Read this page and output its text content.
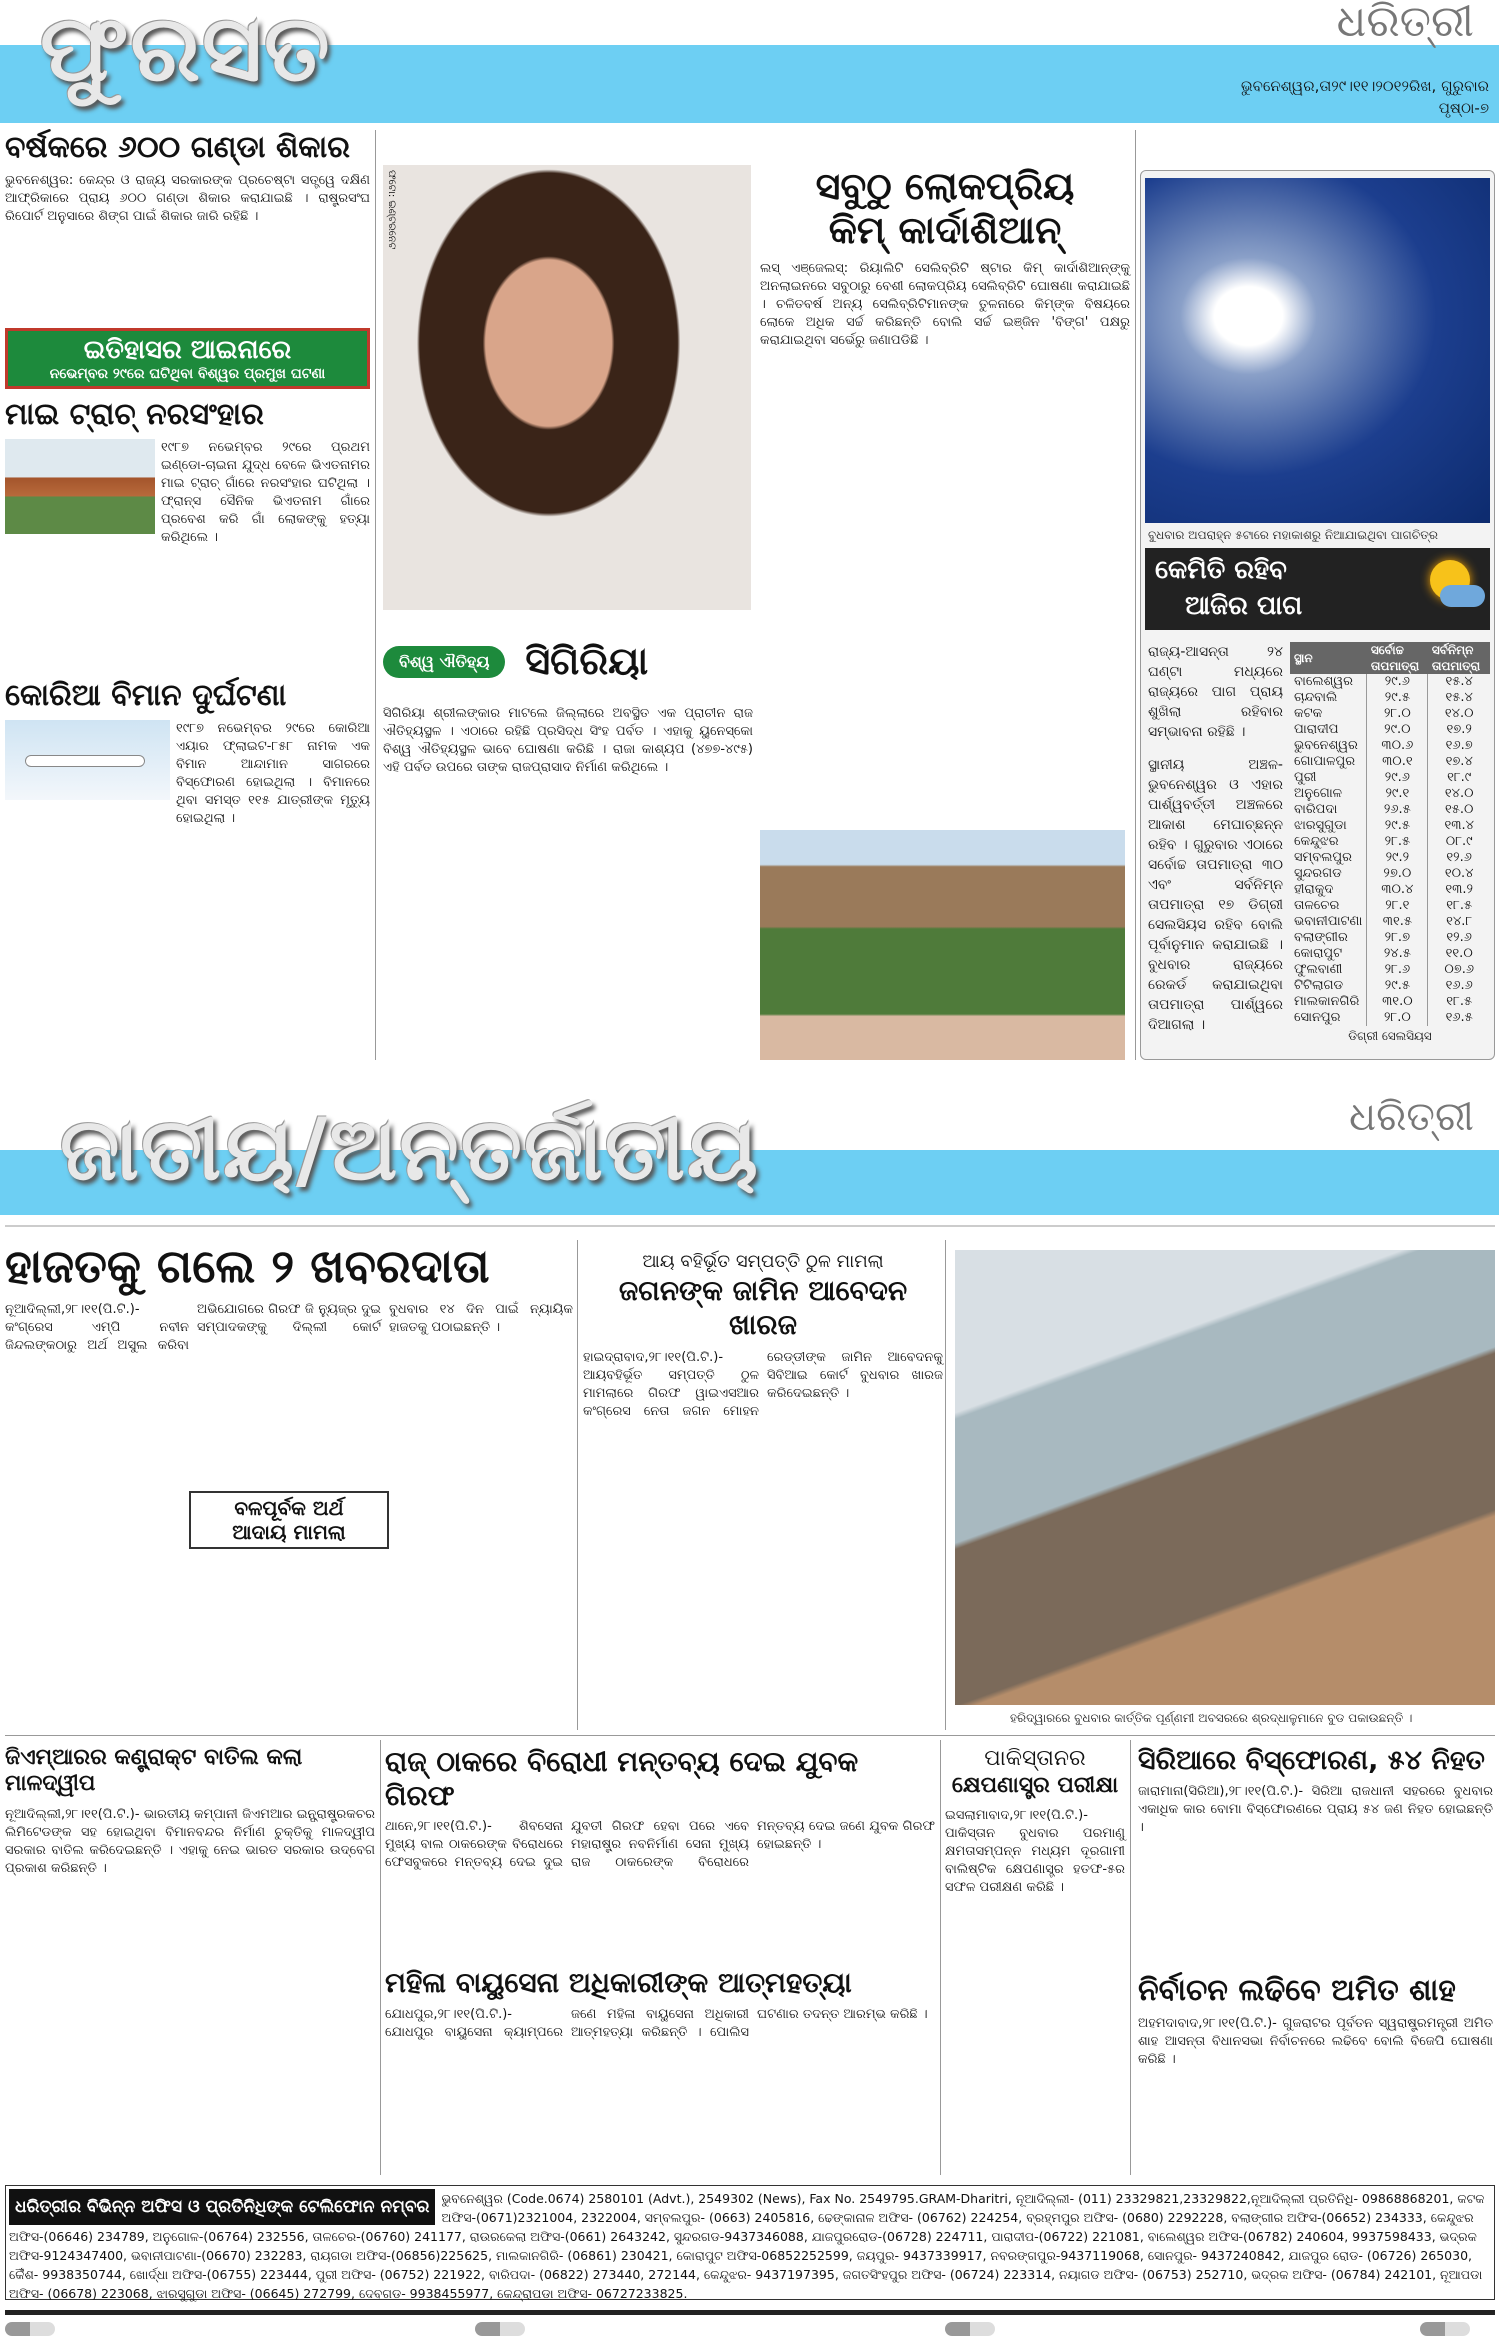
ଫୁରସତ	ଧରିତ୍ରୀ
ଭୁବନେଶ୍ୱର,ତା୨୯।୧୧।୨୦୧୨ରିଖ, ଗୁରୁବାର
ପୃଷ୍ଠା-୭
ବର୍ଷକରେ ୬୦୦ ଗଣ୍ଡା ଶିକାର
ଭୁବନେଶ୍ୱର: କେନ୍ଦ୍ର ଓ ରାଜ୍ୟ ସରକାରଙ୍କ ପ୍ରଚେଷ୍ଟା ସତ୍ତ୍ୱେ ଦକ୍ଷିଣ ଆଫ୍ରିକାରେ ପ୍ରାୟ ୬୦୦ ଗଣ୍ଡା ଶିକାର କରାଯାଇଛି । ରାଷ୍ଟ୍ରସଂଘ ରିପୋର୍ଟ ଅନୁସାରେ ଶିଙ୍ଗ ପାଇଁ ଶିକାର ଜାରି ରହିଛି ।
ଇତିହାସର ଆଇନାରେ
ନଭେମ୍ବର ୨୯ରେ ଘଟିଥିବା ବିଶ୍ୱର ପ୍ରମୁଖ ଘଟଣା
ମାଇ ଟ୍ରାଚ୍ ନରସଂହାର
୧୯୮୭ ନଭେମ୍ବର ୨୯ରେ ପ୍ରଥମ ଇଣ୍ଡୋ-ଚାଇନା ଯୁଦ୍ଧ ବେଳେ ଭିଏତନାମର ମାଇ ଟ୍ରାଚ୍ ଗାଁରେ ନରସଂହାର ଘଟିଥିଲା । ଫ୍ରାନ୍ସ ସୈନିକ ଭିଏତନାମ ଗାଁରେ ପ୍ରବେଶ କରି ଗାଁ ଲୋକଙ୍କୁ ହତ୍ୟା କରିଥିଲେ ।
କୋରିଆ ବିମାନ ଦୁର୍ଘଟଣା
୧୯୮୭ ନଭେମ୍ବର ୨୯ରେ କୋରିଆ ଏୟାର ଫ୍ଲାଇଟ-୮୫୮ ନାମକ ଏକ ବିମାନ ଆନ୍ଦାମାନ ସାଗରରେ ବିସ୍ଫୋରଣ ହୋଇଥିଲା । ବିମାନରେ ଥିବା ସମସ୍ତ ୧୧୫ ଯାତ୍ରୀଙ୍କ ମୃତ୍ୟୁ ହୋଇଥିଲା ।
ଫଟୋ: ଇଣ୍ଟରନେଟ	ସବୁଠୁ ଲୋକପ୍ରିୟ
କିମ୍ କାର୍ଦାଶିଆନ୍
ଲସ୍ ଏଞ୍ଜେଲସ୍: ରିୟାଲିଟି ସେଲିବ୍ରିଟି ଷ୍ଟାର କିମ୍ କାର୍ଦାଶିଆନ୍ଙ୍କୁ ଅନଲାଇନରେ ସବୁଠାରୁ ବେଶୀ ଲୋକପ୍ରିୟ ସେଲିବ୍ରିଟି ଘୋଷଣା କରାଯାଇଛି । ଚଳିତବର୍ଷ ଅନ୍ୟ ସେଲିବ୍ରିଟିମାନଙ୍କ ତୁଳନାରେ କିମ୍ଙ୍କ ବିଷୟରେ ଲୋକେ ଅଧିକ ସର୍ଚ୍ଚ କରିଛନ୍ତି ବୋଲି ସର୍ଚ୍ଚ ଇଞ୍ଜିନ 'ବିଙ୍ଗ' ପକ୍ଷରୁ କରାଯାଇଥିବା ସର୍ଭେରୁ ଜଣାପଡିଛି ।
ବିଶ୍ୱ ଐତିହ୍ୟ ସିଗିରିୟା
ସିଗିରିୟା ଶ୍ରୀଲଙ୍କାର ମାଟଲେ ଜିଲ୍ଲାରେ ଅବସ୍ଥିତ ଏକ ପ୍ରାଚୀନ ରାଜ ଐତିହ୍ୟସ୍ଥଳ । ଏଠାରେ ରହିଛି ପ୍ରସିଦ୍ଧ ସିଂହ ପର୍ବତ । ଏହାକୁ ୟୁନେସ୍କୋ ବିଶ୍ୱ ଐତିହ୍ୟସ୍ଥଳ ଭାବେ ଘୋଷଣା କରିଛି । ରାଜା କାଶ୍ୟପ (୪୭୭-୪୯୫) ଏହି ପର୍ବତ ଉପରେ ତାଙ୍କ ରାଜପ୍ରାସାଦ ନିର୍ମାଣ କରିଥିଲେ ।
ବୁଧବାର ଅପରାହ୍ନ ୫ଟାରେ ମହାକାଶରୁ ନିଆଯାଇଥିବା ପାଗଚିତ୍ର
କେମିତି ରହିବ
ଆଜିର ପାଗ
ରାଜ୍ୟ-ଆସନ୍ତା ୨୪ ଘଣ୍ଟା ମଧ୍ୟରେ ରାଜ୍ୟରେ ପାଗ ପ୍ରାୟ ଶୁଖିଲା ରହିବାର ସମ୍ଭାବନା ରହିଛି ।
ସ୍ଥାନୀୟ ଅଞ୍ଚଳ- ଭୁବନେଶ୍ୱର ଓ ଏହାର ପାର୍ଶ୍ୱବର୍ତ୍ତୀ ଅଞ୍ଚଳରେ ଆକାଶ ମେଘାଚ୍ଛନ୍ନ ରହିବ । ଗୁରୁବାର ଏଠାରେ ସର୍ବୋଚ୍ଚ ତାପମାତ୍ରା ୩୦ ଏବଂ ସର୍ବନିମ୍ନ ତାପମାତ୍ରା ୧୭ ଡିଗ୍ରୀ ସେଲସିୟସ ରହିବ ବୋଲି ପୂର୍ବାନୁମାନ କରାଯାଇଛି । ବୁଧବାର ରାଜ୍ୟରେ ରେକର୍ଡ କରାଯାଇଥିବା ତାପମାତ୍ରା ପାର୍ଶ୍ୱରେ ଦିଆଗଲା ।
ସ୍ଥାନ	ସର୍ବୋଚ୍ଚ ତାପମାତ୍ରା	ସର୍ବନିମ୍ନ ତାପମାତ୍ରା
ବାଲେଶ୍ୱର	୨୯.୬	୧୫.୪
ଚାନ୍ଦବାଲି	୨୯.୫	୧୫.୪
କଟକ	୨୮.୦	୧୪.୦
ପାରାଦୀପ	୨୯.୦	୧୭.୨
ଭୁବନେଶ୍ୱର	୩୦.୬	୧୬.୭
ଗୋପାଳପୁର	୩୦.୧	୧୭.୪
ପୁରୀ	୨୯.୬	୧୮.୯
ଅନୁଗୋଳ	୨୯.୧	୧୪.୦
ବାରିପଦା	୨୬.୫	୧୫.୦
ଝାରସୁଗୁଡା	୨୯.୫	୧୩.୪
କେନ୍ଦୁଝର	୨୮.୫	୦୮.୯
ସମ୍ବଲପୁର	୨୯.୨	୧୨.୬
ସୁନ୍ଦରଗଡ	୨୭.୦	୧୦.୪
ହୀରାକୁଦ	୩୦.୪	୧୩.୨
ତାଳଚେର	୨୮.୧	୧୮.୫
ଭବାନୀପାଟଣା	୩୧.୫	୧୪.୮
ବଲାଙ୍ଗୀର	୨୮.୭	୧୨.୬
କୋରାପୁଟ	୨୪.୫	୧୧.୦
ଫୁଲବାଣୀ	୨୮.୬	୦୭.୬
ଟିଟିଲାଗଡ	୨୯.୫	୧୬.୬
ମାଲକାନଗିରି	୩୧.୦	୧୮.୫
ସୋନପୁର	୨୮.୦	୧୬.୫
ଡିଗ୍ରୀ ସେଲସିୟସ
ଧରିତ୍ରୀ
ଜାତୀୟ/ଅନ୍ତର୍ଜାତୀୟ
ହାଜତକୁ ଗଲେ ୨ ଖବରଦାତା
ନୂଆଦିଲ୍ଲୀ,୨୮।୧୧(ପି.ଟି.)- କଂଗ୍ରେସ ଏମ୍ପି ନବୀନ ଜିନ୍ଦଲଙ୍କଠାରୁ ଅର୍ଥ ଅସୁଲ କରିବା ଅଭିଯୋଗରେ ଗିରଫ ଜି ନ୍ୟୁଜ୍ର ଦୁଇ ସମ୍ପାଦକଙ୍କୁ ଦିଲ୍ଲୀ କୋର୍ଟ ବୁଧବାର ୧୪ ଦିନ ପାଇଁ ନ୍ୟାୟିକ ହାଜତକୁ ପଠାଇଛନ୍ତି ।
ବଳପୂର୍ବକ ଅର୍ଥ
ଆଦାୟ ମାମଲା
ଆୟ ବହିର୍ଭୂତ ସମ୍ପତ୍ତି ଠୁଳ ମାମଲା
ଜଗନଙ୍କ ଜାମିନ ଆବେଦନ ଖାରଜ
ହାଇଦ୍ରାବାଦ,୨୮।୧୧(ପି.ଟି.)- ଆୟବହିର୍ଭୂତ ସମ୍ପତ୍ତି ଠୁଳ ମାମଲାରେ ଗିରଫ ୱାଇଏସଆର କଂଗ୍ରେସ ନେତା ଜଗନ ମୋହନ ରେଡ୍ଡୀଙ୍କ ଜାମିନ ଆବେଦନକୁ ସିବିଆଇ କୋର୍ଟ ବୁଧବାର ଖାରଜ କରିଦେଇଛନ୍ତି ।
ହରିଦ୍ୱାରରେ ବୁଧବାର କାର୍ତ୍ତିକ ପୂର୍ଣ୍ଣମୀ ଅବସରରେ ଶ୍ରଦ୍ଧାଳୁମାନେ ବୁଡ ପକାଉଛନ୍ତି ।
ଜିଏମ୍ଆରର କଣ୍ଟ୍ରାକ୍ଟ ବାତିଲ କଲା ମାଳଦ୍ୱୀପ
ନୂଆଦିଲ୍ଲୀ,୨୮।୧୧(ପି.ଟି.)- ଭାରତୀୟ କମ୍ପାନୀ ଜିଏମଆର ଇନ୍ଫ୍ରାଷ୍ଟ୍ରକଚର ଲିମିଟେଡଙ୍କ ସହ ହୋଇଥିବା ବିମାନବନ୍ଦର ନିର୍ମାଣ ଚୁକ୍ତିକୁ ମାଳଦ୍ୱୀପ ସରକାର ବାତିଲ କରିଦେଇଛନ୍ତି । ଏହାକୁ ନେଇ ଭାରତ ସରକାର ଉଦ୍‌ବେଗ ପ୍ରକାଶ କରିଛନ୍ତି ।
ରାଜ୍ ଠାକରେ ବିରୋଧୀ ମନ୍ତବ୍ୟ ଦେଇ ଯୁବକ ଗିରଫ
ଥାନେ,୨୮।୧୧(ପି.ଟି.)- ଶିବସେନା ମୁଖ୍ୟ ବାଲ ଠାକରେଙ୍କ ବିରୋଧରେ ଫେସବୁକରେ ମନ୍ତବ୍ୟ ଦେଇ ଦୁଇ ଯୁବତୀ ଗିରଫ ହେବା ପରେ ଏବେ ମହାରାଷ୍ଟ୍ର ନବନିର୍ମାଣ ସେନା ମୁଖ୍ୟ ରାଜ ଠାକରେଙ୍କ ବିରୋଧରେ ମନ୍ତବ୍ୟ ଦେଇ ଜଣେ ଯୁବକ ଗିରଫ ହୋଇଛନ୍ତି ।
ମହିଳା ବାୟୁସେନା ଅଧିକାରୀଙ୍କ ଆତ୍ମହତ୍ୟା
ଯୋଧପୁର,୨୮।୧୧(ପି.ଟି.)- ଯୋଧପୁର ବାୟୁସେନା କ୍ୟାମ୍ପରେ ଜଣେ ମହିଳା ବାୟୁସେନା ଅଧିକାରୀ ଆତ୍ମହତ୍ୟା କରିଛନ୍ତି । ପୋଲିସ ଘଟଣାର ତଦନ୍ତ ଆରମ୍ଭ କରିଛି ।
ପାକିସ୍ତାନର
କ୍ଷେପଣାସ୍ତ୍ର ପରୀକ୍ଷା
ଇସଲାମାବାଦ,୨୮।୧୧(ପି.ଟି.)- ପାକିସ୍ତାନ ବୁଧବାର ପରମାଣୁ କ୍ଷମତାସମ୍ପନ୍ନ ମଧ୍ୟମ ଦୂରଗାମୀ ବାଲିଷ୍ଟିକ କ୍ଷେପଣାସ୍ତ୍ର ହତଫ-୫ର ସଫଳ ପରୀକ୍ଷଣ କରିଛି ।
ସିରିଆରେ ବିସ୍ଫୋରଣ, ୫୪ ନିହତ
ଜାରାମାନା(ସିରିଆ),୨୮।୧୧(ପି.ଟି.)- ସିରିଆ ରାଜଧାନୀ ସହରରେ ବୁଧବାର ଏକାଧିକ କାର ବୋମା ବିସ୍ଫୋରଣରେ ପ୍ରାୟ ୫୪ ଜଣ ନିହତ ହୋଇଛନ୍ତି ।
ନିର୍ବାଚନ ଲଢିବେ ଅମିତ ଶାହ
ଅହମଦାବାଦ,୨୮।୧୧(ପି.ଟି.)- ଗୁଜରାଟର ପୂର୍ବତନ ସ୍ୱରାଷ୍ଟ୍ରମନ୍ତ୍ରୀ ଅମିତ ଶାହ ଆସନ୍ତା ବିଧାନସଭା ନିର୍ବାଚନରେ ଲଢିବେ ବୋଲି ବିଜେପି ଘୋଷଣା କରିଛି ।
ଧରିତ୍ରୀର ବିଭିନ୍ନ ଅଫିସ ଓ ପ୍ରତିନିଧିଙ୍କ ଟେଲିଫୋନ ନମ୍ବର ଭୁବନେଶ୍ୱର (Code.0674) 2580101 (Advt.), 2549302 (News), Fax No. 2549795.GRAM-Dharitri, ନୂଆଦିଲ୍ଲୀ- (011) 23329821,23329822,ନୂଆଦିଲ୍ଲୀ ପ୍ରତିନିଧି- 09868868201, କଟକ ଅଫିସ-(0671)2321004, 2322004, ସମ୍ବଲପୁର- (0663) 2405816, ଢେଙ୍କାନାଳ ଅଫିସ- (06762) 224254, ବ୍ରହ୍ମପୁର ଅଫିସ- (0680) 2292228, ବଲାଙ୍ଗୀର ଅଫିସ-(06652) 234333, କେନ୍ଦୁଝର ଅଫିସ-(06646) 234789, ଅନୁଗୋଳ-(06764) 232556, ତାଳଚେର-(06760) 241177, ରାଉରକେଲା ଅଫିସ-(0661) 2643242, ସୁନ୍ଦରଗଡ-9437346088, ଯାଜପୁରରୋଡ-(06728) 224711, ପାରାଦୀପ-(06722) 221081, ବାଲେଶ୍ୱର ଅଫିସ-(06782) 240604, 9937598433, ଭଦ୍ରକ ଅଫିସ-9124347400, ଭବାନୀପାଟଣା-(06670) 232283, ରାୟଗଡା ଅଫିସ-(06856)225625, ମାଲକାନଗିରି- (06861) 230421, କୋରାପୁଟ ଅଫିସ-06852252599, ଜୟପୁର- 9437339917, ନବରଙ୍ଗପୁର-9437119068, ସୋନପୁର- 9437240842, ଯାଜପୁର ରୋଡ- (06726) 265030, କୈଁଶ- 9938350744, ଖୋର୍ଦ୍ଧା ଅଫିସ-(06755) 223444, ପୁରୀ ଅଫିସ- (06752) 221922, ବାରିପଦା- (06822) 273440, 272144, କେନ୍ଦୁଝର- 9437197395, ଜଗତସିଂହପୁର ଅଫିସ- (06724) 223314, ନୟାଗଡ ଅଫିସ- (06753) 252710, ଭଦ୍ରକ ଅଫିସ- (06784) 242101, ନୂଆପଡା ଅଫିସ- (06678) 223068, ଝାରସୁଗୁଡା ଅଫିସ- (06645) 272799, ଦେବଗଡ- 9938455977, କେନ୍ଦ୍ରାପଡା ଅଫିସ- 06727233825.
